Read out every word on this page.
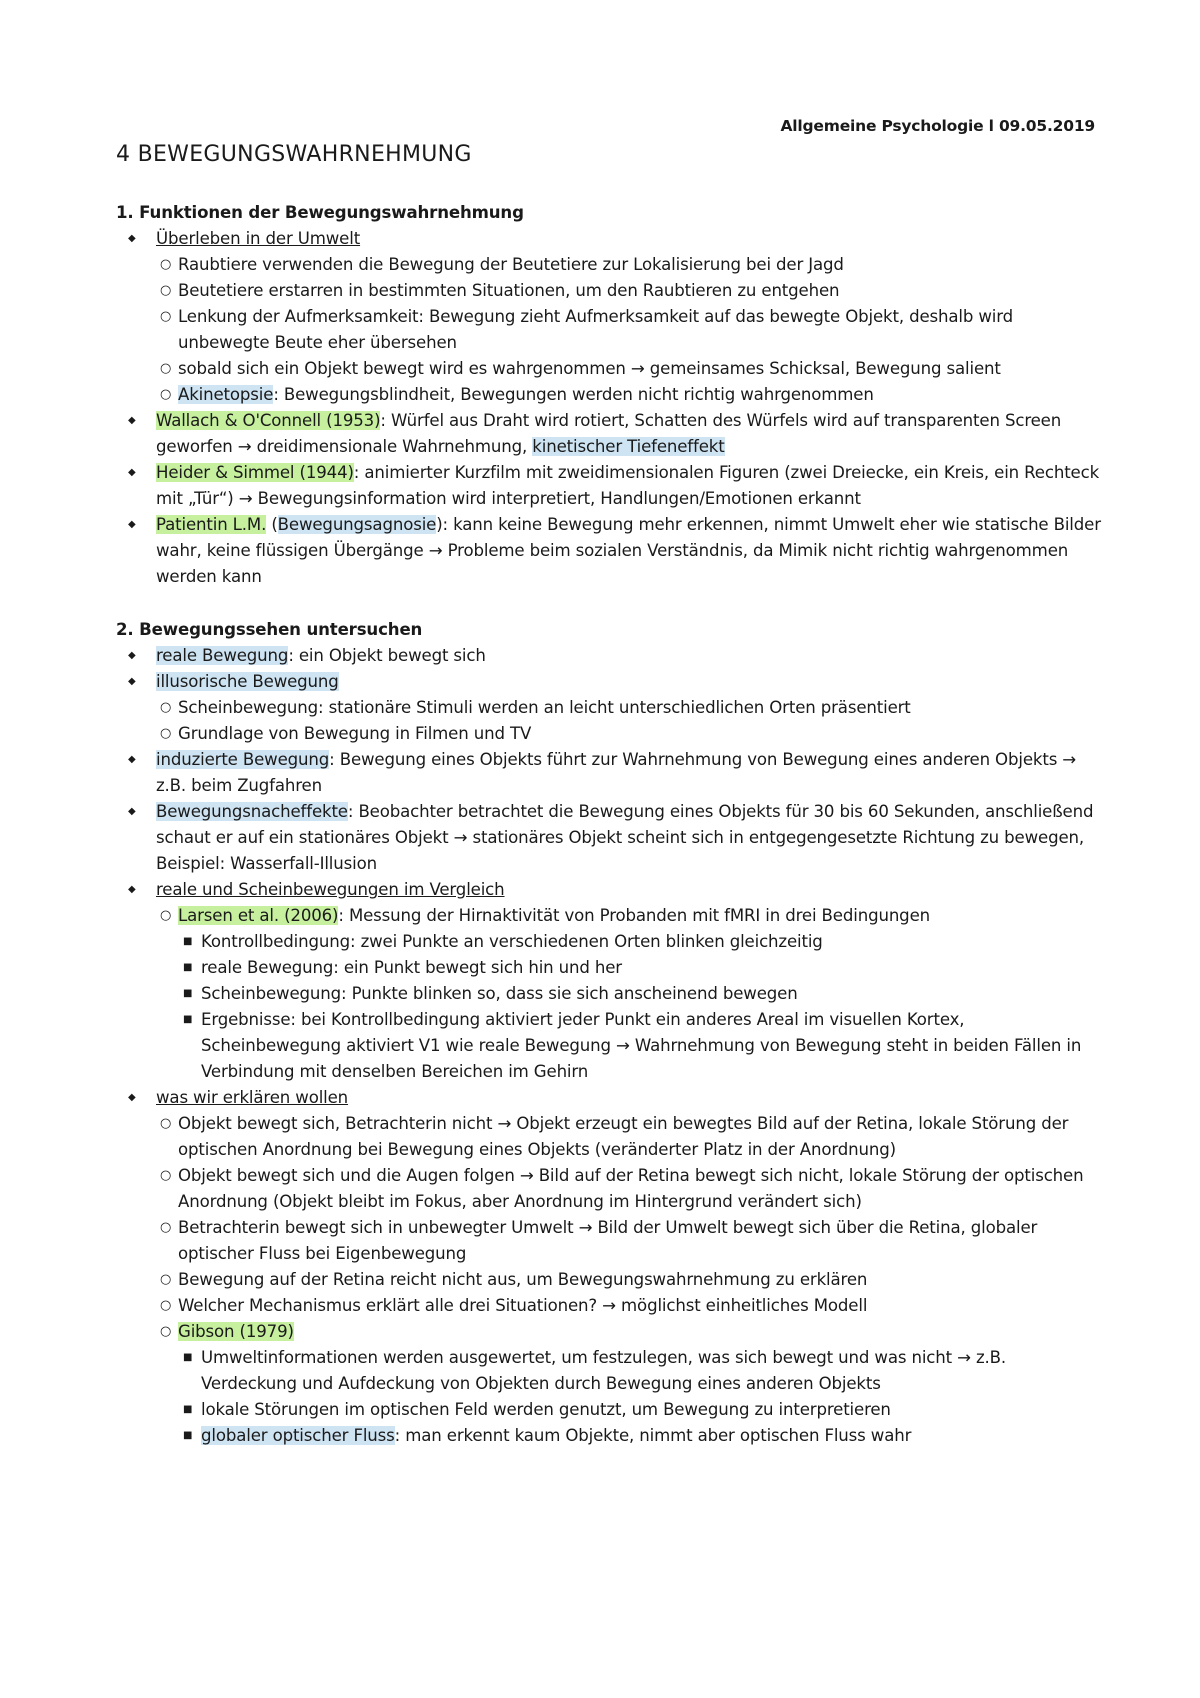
Allgemeine Psychologie l 09.05.2019
4 BEWEGUNGSWAHRNEHMUNG
1. Funktionen der Bewegungswahrnehmung
◆ Überleben in der Umwelt
○ Raubtiere verwenden die Bewegung der Beutetiere zur Lokalisierung bei der Jagd
○ Beutetiere erstarren in bestimmten Situationen, um den Raubtieren zu entgehen
○ Lenkung der Aufmerksamkeit: Bewegung zieht Aufmerksamkeit auf das bewegte Objekt, deshalb wird unbewegte Beute eher übersehen
○ sobald sich ein Objekt bewegt wird es wahrgenommen → gemeinsames Schicksal, Bewegung salient
○ Akinetopsie: Bewegungsblindheit, Bewegungen werden nicht richtig wahrgenommen
◆ Wallach & O'Connell (1953): Würfel aus Draht wird rotiert, Schatten des Würfels wird auf transparenten Screen geworfen → dreidimensionale Wahrnehmung, kinetischer Tiefeneffekt
◆ Heider & Simmel (1944): animierter Kurzfilm mit zweidimensionalen Figuren (zwei Dreiecke, ein Kreis, ein Rechteck mit „Tür“) → Bewegungsinformation wird interpretiert, Handlungen/Emotionen erkannt
◆ Patientin L.M. (Bewegungsagnosie): kann keine Bewegung mehr erkennen, nimmt Umwelt eher wie statische Bilder wahr, keine flüssigen Übergänge → Probleme beim sozialen Verständnis, da Mimik nicht richtig wahrgenommen werden kann
2. Bewegungssehen untersuchen
◆ reale Bewegung: ein Objekt bewegt sich
◆ illusorische Bewegung
○ Scheinbewegung: stationäre Stimuli werden an leicht unterschiedlichen Orten präsentiert
○ Grundlage von Bewegung in Filmen und TV
◆ induzierte Bewegung: Bewegung eines Objekts führt zur Wahrnehmung von Bewegung eines anderen Objekts → z.B. beim Zugfahren
◆ Bewegungsnacheffekte: Beobachter betrachtet die Bewegung eines Objekts für 30 bis 60 Sekunden, anschließend schaut er auf ein stationäres Objekt → stationäres Objekt scheint sich in entgegengesetzte Richtung zu bewegen, Beispiel: Wasserfall-Illusion
◆ reale und Scheinbewegungen im Vergleich
○ Larsen et al. (2006): Messung der Hirnaktivität von Probanden mit fMRI in drei Bedingungen
■ Kontrollbedingung: zwei Punkte an verschiedenen Orten blinken gleichzeitig
■ reale Bewegung: ein Punkt bewegt sich hin und her
■ Scheinbewegung: Punkte blinken so, dass sie sich anscheinend bewegen
■ Ergebnisse: bei Kontrollbedingung aktiviert jeder Punkt ein anderes Areal im visuellen Kortex, Scheinbewegung aktiviert V1 wie reale Bewegung → Wahrnehmung von Bewegung steht in beiden Fällen in Verbindung mit denselben Bereichen im Gehirn
◆ was wir erklären wollen
○ Objekt bewegt sich, Betrachterin nicht → Objekt erzeugt ein bewegtes Bild auf der Retina, lokale Störung der optischen Anordnung bei Bewegung eines Objekts (veränderter Platz in der Anordnung)
○ Objekt bewegt sich und die Augen folgen → Bild auf der Retina bewegt sich nicht, lokale Störung der optischen Anordnung (Objekt bleibt im Fokus, aber Anordnung im Hintergrund verändert sich)
○ Betrachterin bewegt sich in unbewegter Umwelt → Bild der Umwelt bewegt sich über die Retina, globaler optischer Fluss bei Eigenbewegung
○ Bewegung auf der Retina reicht nicht aus, um Bewegungswahrnehmung zu erklären
○ Welcher Mechanismus erklärt alle drei Situationen? → möglichst einheitliches Modell
○ Gibson (1979)
■ Umweltinformationen werden ausgewertet, um festzulegen, was sich bewegt und was nicht → z.B. Verdeckung und Aufdeckung von Objekten durch Bewegung eines anderen Objekts
■ lokale Störungen im optischen Feld werden genutzt, um Bewegung zu interpretieren
■ globaler optischer Fluss: man erkennt kaum Objekte, nimmt aber optischen Fluss wahr
